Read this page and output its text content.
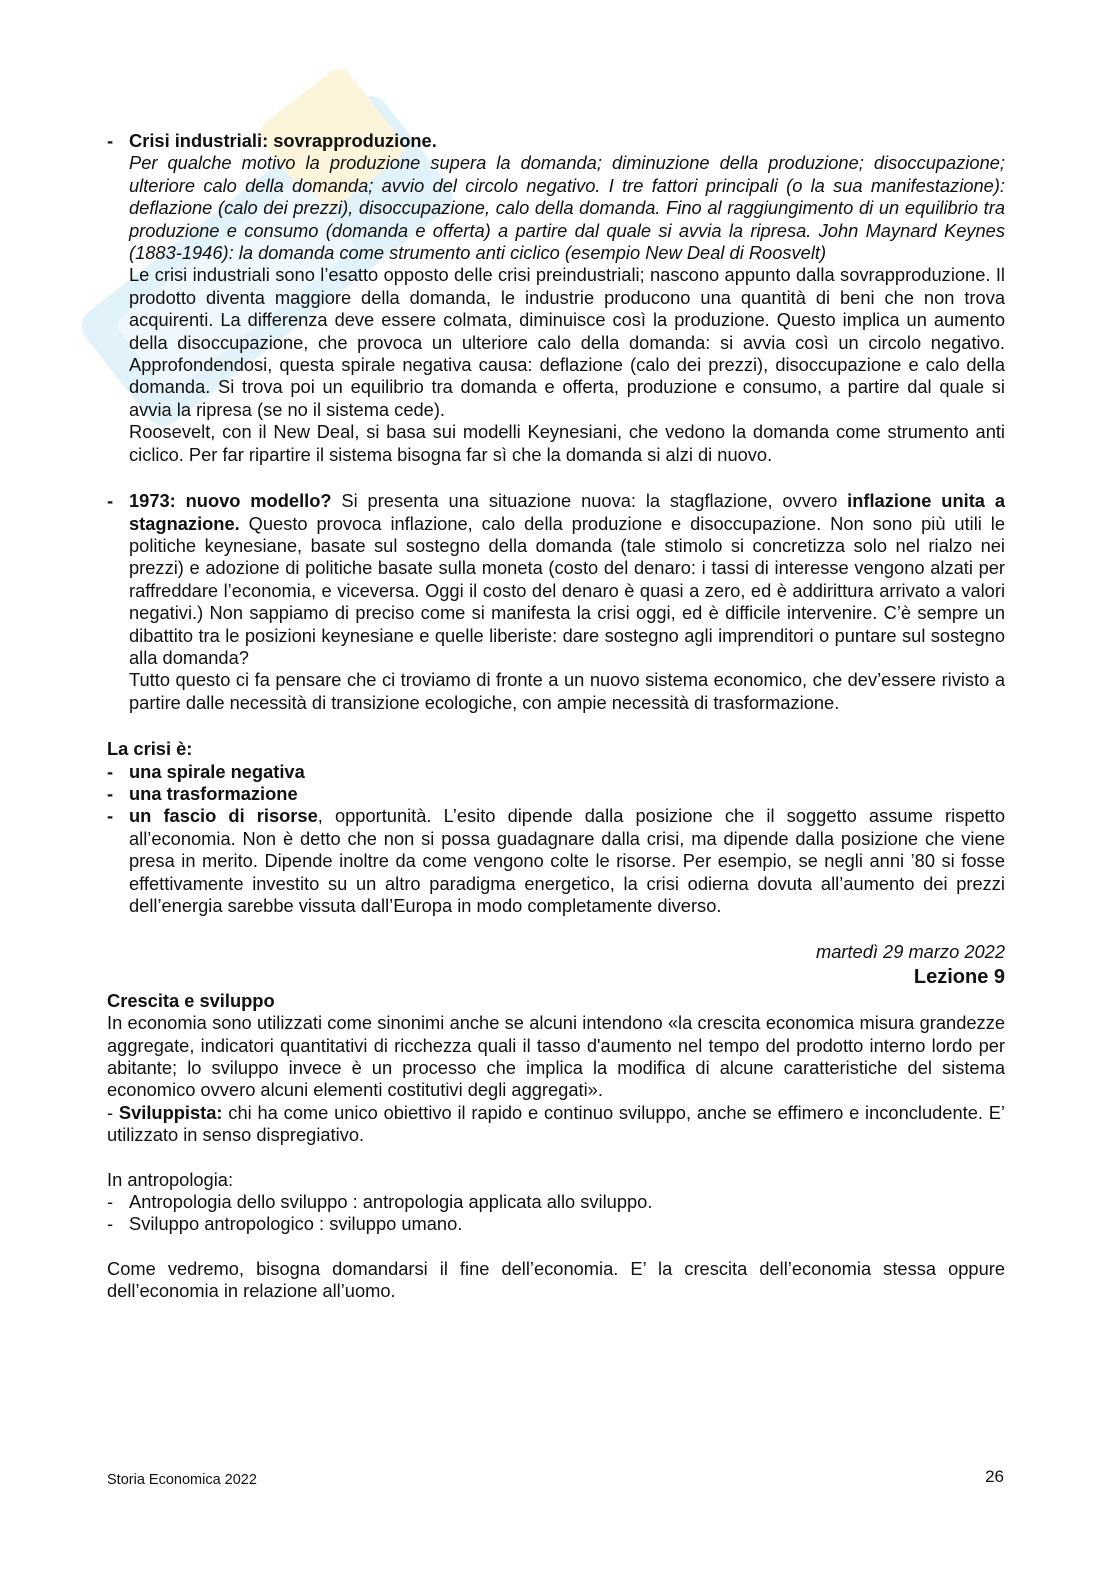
- Crisi industriali: sovrapproduzione.

Per qualche motivo la produzione supera la domanda; diminuzione della produzione; disoccupazione; ulteriore calo della domanda; avvio del circolo negativo. I tre fattori principali (o la sua manifestazione): deflazione (calo dei prezzi), disoccupazione, calo della domanda. Fino al raggiungimento di un equilibrio tra produzione e consumo (domanda e offerta) a partire dal quale si avvia la ripresa. John Maynard Keynes (1883-1946): la domanda come strumento anti ciclico (esempio New Deal di Roosvelt)

Le crisi industriali sono l’esatto opposto delle crisi preindustriali; nascono appunto dalla sovrapproduzione. Il prodotto diventa maggiore della domanda, le industrie producono una quantità di beni che non trova acquirenti. La differenza deve essere colmata, diminuisce così la produzione. Questo implica un aumento della disoccupazione, che provoca un ulteriore calo della domanda: si avvia così un circolo negativo. Approfondendosi, questa spirale negativa causa: deflazione (calo dei prezzi), disoccupazione e calo della domanda. Si trova poi un equilibrio tra domanda e offerta, produzione e consumo, a partire dal quale si avvia la ripresa (se no il sistema cede).

Roosevelt, con il New Deal, si basa sui modelli Keynesiani, che vedono la domanda come strumento anti ciclico. Per far ripartire il sistema bisogna far sì che la domanda si alzi di nuovo.

- 1973: nuovo modello? Si presenta una situazione nuova: la stagflazione, ovvero inflazione unita a stagnazione. Questo provoca inflazione, calo della produzione e disoccupazione. Non sono più utili le politiche keynesiane, basate sul sostegno della domanda (tale stimolo si concretizza solo nel rialzo nei prezzi) e adozione di politiche basate sulla moneta (costo del denaro: i tassi di interesse vengono alzati per raffreddare l’economia, e viceversa. Oggi il costo del denaro è quasi a zero, ed è addirittura arrivato a valori negativi.) Non sappiamo di preciso come si manifesta la crisi oggi, ed è difficile intervenire. C’è sempre un dibattito tra le posizioni keynesiane e quelle liberiste: dare sostegno agli imprenditori o puntare sul sostegno alla domanda?

Tutto questo ci fa pensare che ci troviamo di fronte a un nuovo sistema economico, che dev’essere rivisto a partire dalle necessità di transizione ecologiche, con ampie necessità di trasformazione.

La crisi è:

- una spirale negativa
- una trasformazione
- un fascio di risorse, opportunità. L’esito dipende dalla posizione che il soggetto assume rispetto all’economia. Non è detto che non si possa guadagnare dalla crisi, ma dipende dalla posizione che viene presa in merito. Dipende inoltre da come vengono colte le risorse. Per esempio, se negli anni ’80 si fosse effettivamente investito su un altro paradigma energetico, la crisi odierna dovuta all’aumento dei prezzi dell’energia sarebbe vissuta dall’Europa in modo completamente diverso.

martedì 29 marzo 2022

Lezione 9

Crescita e sviluppo

In economia sono utilizzati come sinonimi anche se alcuni intendono «la crescita economica misura grandezze aggregate, indicatori quantitativi di ricchezza quali il tasso d'aumento nel tempo del prodotto interno lordo per abitante; lo sviluppo invece è un processo che implica la modifica di alcune caratteristiche del sistema economico ovvero alcuni elementi costitutivi degli aggregati».

- Sviluppista: chi ha come unico obiettivo il rapido e continuo sviluppo, anche se effimero e inconcludente. E’ utilizzato in senso dispregiativo.

In antropologia:

- Antropologia dello sviluppo : antropologia applicata allo sviluppo.
- Sviluppo antropologico : sviluppo umano.

Come vedremo, bisogna domandarsi il fine dell’economia. E’ la crescita dell’economia stessa oppure dell’economia in relazione all’uomo.

Storia Economica 2022	26
